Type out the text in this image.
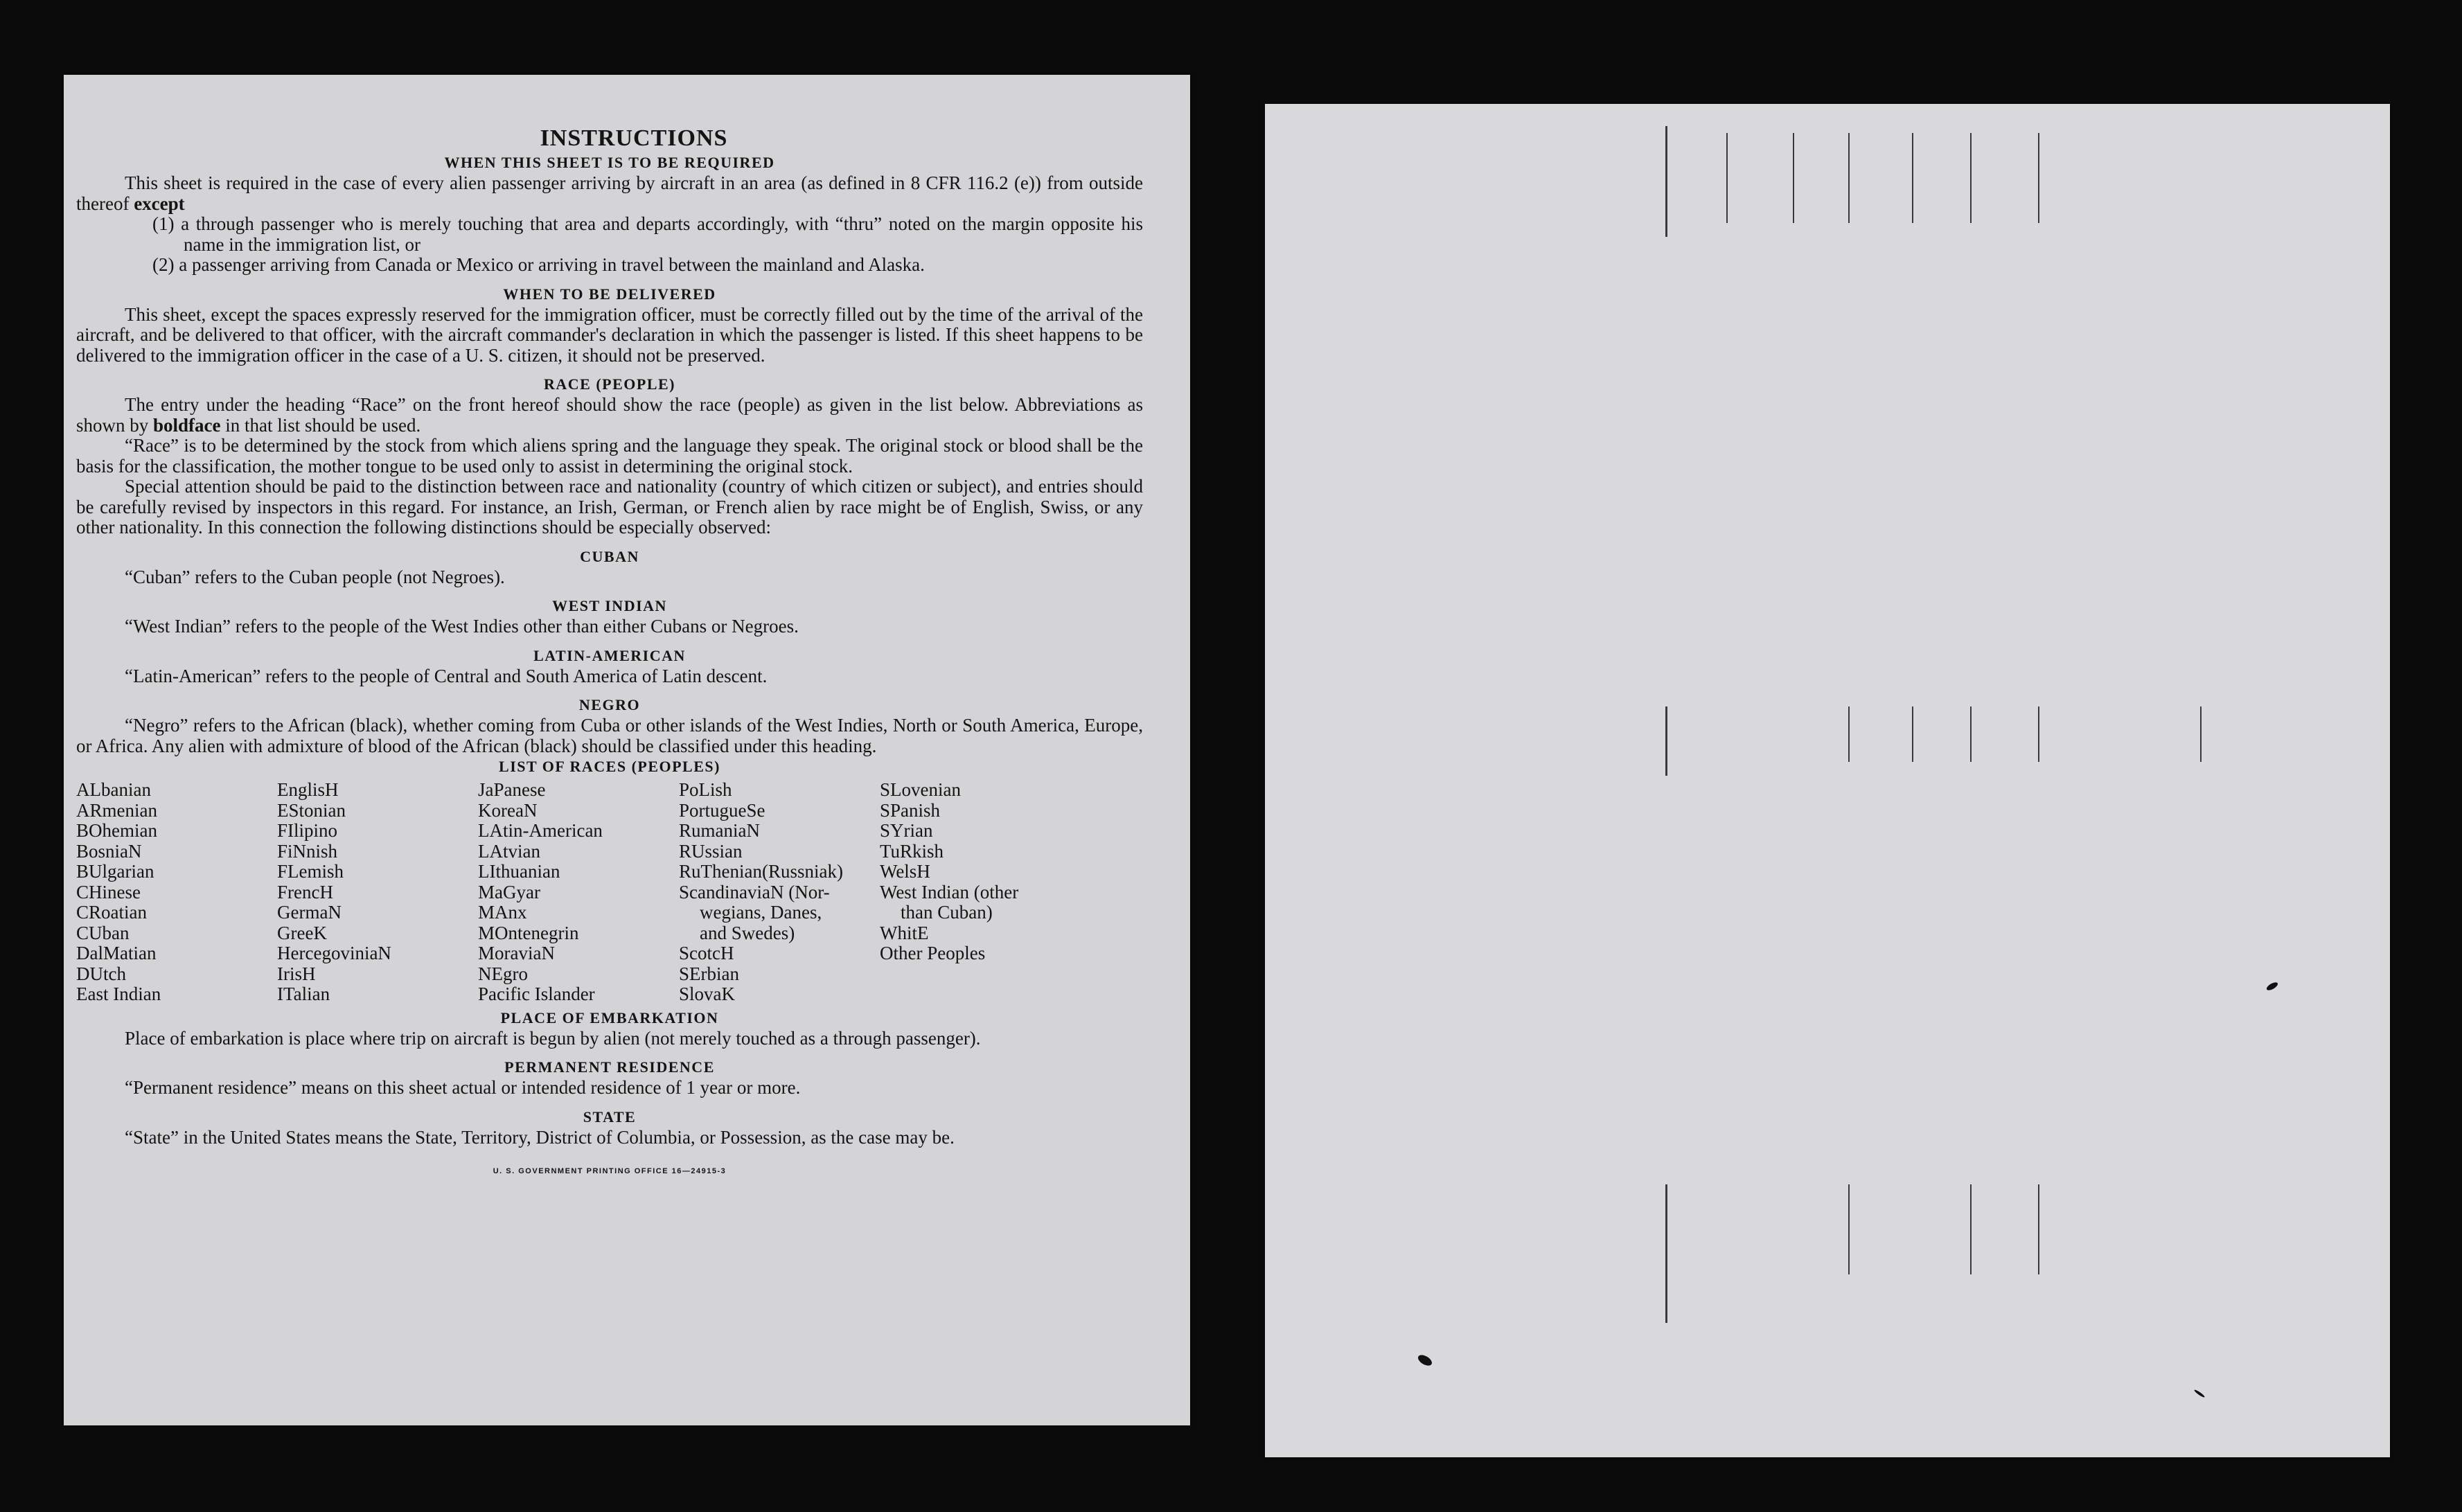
INSTRUCTIONS

WHEN THIS SHEET IS TO BE REQUIRED

This sheet is required in the case of every alien passenger arriving by aircraft in an area (as defined in 8 CFR 116.2 (e)) from outside thereof except

(1) a through passenger who is merely touching that area and departs accordingly, with “thru” noted on the margin opposite his name in the immigration list, or

(2) a passenger arriving from Canada or Mexico or arriving in travel between the mainland and Alaska.

WHEN TO BE DELIVERED

This sheet, except the spaces expressly reserved for the immigration officer, must be correctly filled out by the time of the arrival of the aircraft, and be delivered to that officer, with the aircraft commander's declaration in which the passenger is listed. If this sheet happens to be delivered to the immigration officer in the case of a U. S. citizen, it should not be preserved.

RACE (PEOPLE)

The entry under the heading “Race” on the front hereof should show the race (people) as given in the list below. Abbreviations as shown by boldface in that list should be used.

“Race” is to be determined by the stock from which aliens spring and the language they speak. The original stock or blood shall be the basis for the classification, the mother tongue to be used only to assist in determining the original stock.

Special attention should be paid to the distinction between race and nationality (country of which citizen or subject), and entries should be carefully revised by inspectors in this regard. For instance, an Irish, German, or French alien by race might be of English, Swiss, or any other nationality. In this connection the following distinctions should be especially observed:

CUBAN

“Cuban” refers to the Cuban people (not Negroes).

WEST INDIAN

“West Indian” refers to the people of the West Indies other than either Cubans or Negroes.

LATIN-AMERICAN

“Latin-American” refers to the people of Central and South America of Latin descent.

NEGRO

“Negro” refers to the African (black), whether coming from Cuba or other islands of the West Indies, North or South America, Europe, or Africa. Any alien with admixture of blood of the African (black) should be classified under this heading.

LIST OF RACES (PEOPLES)

ALbanian
ARmenian
BOhemian
BosniaN
BUlgarian
CHinese
CRoatian
CUban
DalMatian
DUtch
East Indian
EnglisH
EStonian
FIlipino
FiNnish
FLemish
FrencH
GermaN
GreeK
HercegoviniaN
IrisH
ITalian
JaPanese
KoreaN
LAtin-American
LAtvian
LIthuanian
MaGyar
MAnx
MOntenegrin
MoraviaN
NEgro
Pacific Islander
PoLish
PortugueSe
RumaniaN
RUssian
RuThenian(Russniak)
ScandinaviaN (Nor-
wegians, Danes,
and Swedes)
ScotcH
SErbian
SlovaK
SLovenian
SPanish
SYrian
TuRkish
WelsH
West Indian (other
than Cuban)
WhitE
Other Peoples

PLACE OF EMBARKATION

Place of embarkation is place where trip on aircraft is begun by alien (not merely touched as a through passenger).

PERMANENT RESIDENCE

“Permanent residence” means on this sheet actual or intended residence of 1 year or more.

STATE

“State” in the United States means the State, Territory, District of Columbia, or Possession, as the case may be.

U. S. GOVERNMENT PRINTING OFFICE 16—24915-3
